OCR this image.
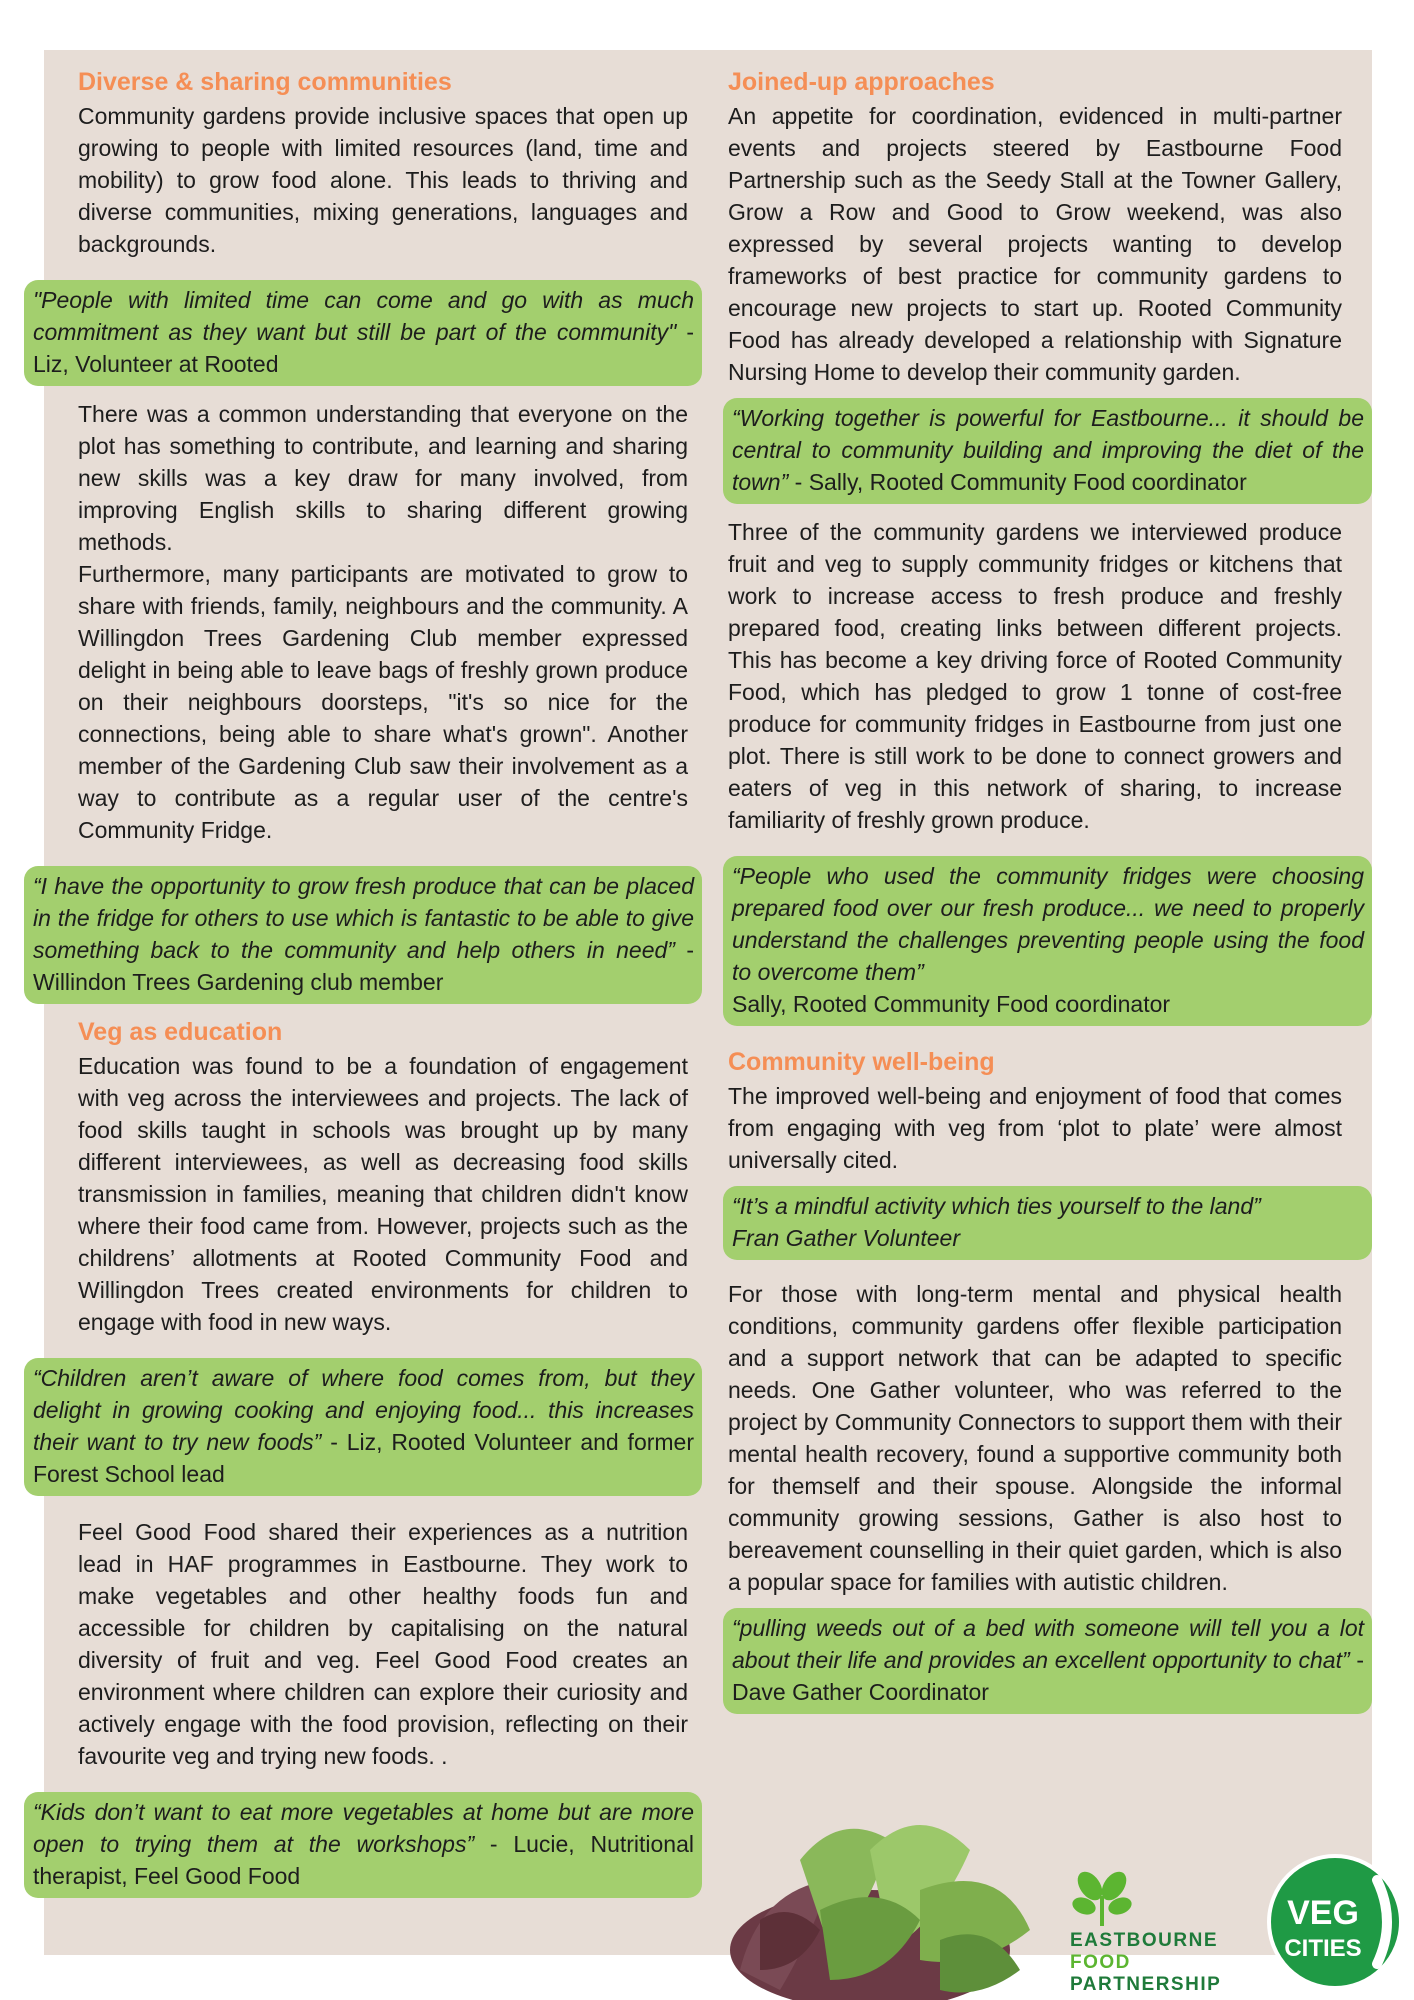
Diverse & sharing communities

Community gardens provide inclusive spaces that open up growing to people with limited resources (land, time and mobility) to grow food alone. This leads to thriving and diverse communities, mixing generations, languages and backgrounds.

"People with limited time can come and go with as much commitment as they want but still be part of the community" - Liz, Volunteer at Rooted

There was a common understanding that everyone on the plot has something to contribute, and learning and sharing new skills was a key draw for many involved, from improving English skills to sharing different growing methods.

Furthermore, many participants are motivated to grow to share with friends, family, neighbours and the community. A Willingdon Trees Gardening Club member expressed delight in being able to leave bags of freshly grown produce on their neighbours doorsteps, "it's so nice for the connections, being able to share what's grown". Another member of the Gardening Club saw their involvement as a way to contribute as a regular user of the centre's Community Fridge.

“I have the opportunity to grow fresh produce that can be placed in the fridge for others to use which is fantastic to be able to give something back to the community and help others in need” - Willindon Trees Gardening club member
Veg as education

Education was found to be a foundation of engagement with veg across the interviewees and projects. The lack of food skills taught in schools was brought up by many different interviewees, as well as decreasing food skills transmission in families, meaning that children didn't know where their food came from. However, projects such as the childrens’ allotments at Rooted Community Food and Willingdon Trees created environments for children to engage with food in new ways.

“Children aren’t aware of where food comes from, but they delight in growing cooking and enjoying food... this increases their want to try new foods” - Liz, Rooted Volunteer and former Forest School lead

Feel Good Food shared their experiences as a nutrition lead in HAF programmes in Eastbourne. They work to make vegetables and other healthy foods fun and accessible for children by capitalising on the natural diversity of fruit and veg. Feel Good Food creates an environment where children can explore their curiosity and actively engage with the food provision, reflecting on their favourite veg and trying new foods. .

“Kids don’t want to eat more vegetables at home but are more open to trying them at the workshops” - Lucie, Nutritional therapist, Feel Good Food
Joined-up approaches

An appetite for coordination, evidenced in multi-partner events and projects steered by Eastbourne Food Partnership such as the Seedy Stall at the Towner Gallery, Grow a Row and Good to Grow weekend, was also expressed by several projects wanting to develop frameworks of best practice for community gardens to encourage new projects to start up. Rooted Community Food has already developed a relationship with Signature Nursing Home to develop their community garden.

“Working together is powerful for Eastbourne... it should be central to community building and improving the diet of the town” - Sally, Rooted Community Food coordinator

Three of the community gardens we interviewed produce fruit and veg to supply community fridges or kitchens that work to increase access to fresh produce and freshly prepared food, creating links between different projects. This has become a key driving force of Rooted Community Food, which has pledged to grow 1 tonne of cost-free produce for community fridges in Eastbourne from just one plot. There is still work to be done to connect growers and eaters of veg in this network of sharing, to increase familiarity of freshly grown produce.

“People who used the community fridges were choosing prepared food over our fresh produce... we need to properly understand the challenges preventing people using the food to overcome them”
Sally, Rooted Community Food coordinator
Community well-being

The improved well-being and enjoyment of food that comes from engaging with veg from ‘plot to plate’ were almost universally cited.

“It’s a mindful activity which ties yourself to the land”
Fran Gather Volunteer

For those with long-term mental and physical health conditions, community gardens offer flexible participation and a support network that can be adapted to specific needs. One Gather volunteer, who was referred to the project by Community Connectors to support them with their mental health recovery, found a supportive community both for themself and their spouse. Alongside the informal community growing sessions, Gather is also host to bereavement counselling in their quiet garden, which is also a popular space for families with autistic children.

“pulling weeds out of a bed with someone will tell you a lot about their life and provides an excellent opportunity to chat” - Dave Gather Coordinator
EASTBOURNE
FOOD
PARTNERSHIP
VEG
CITIES
